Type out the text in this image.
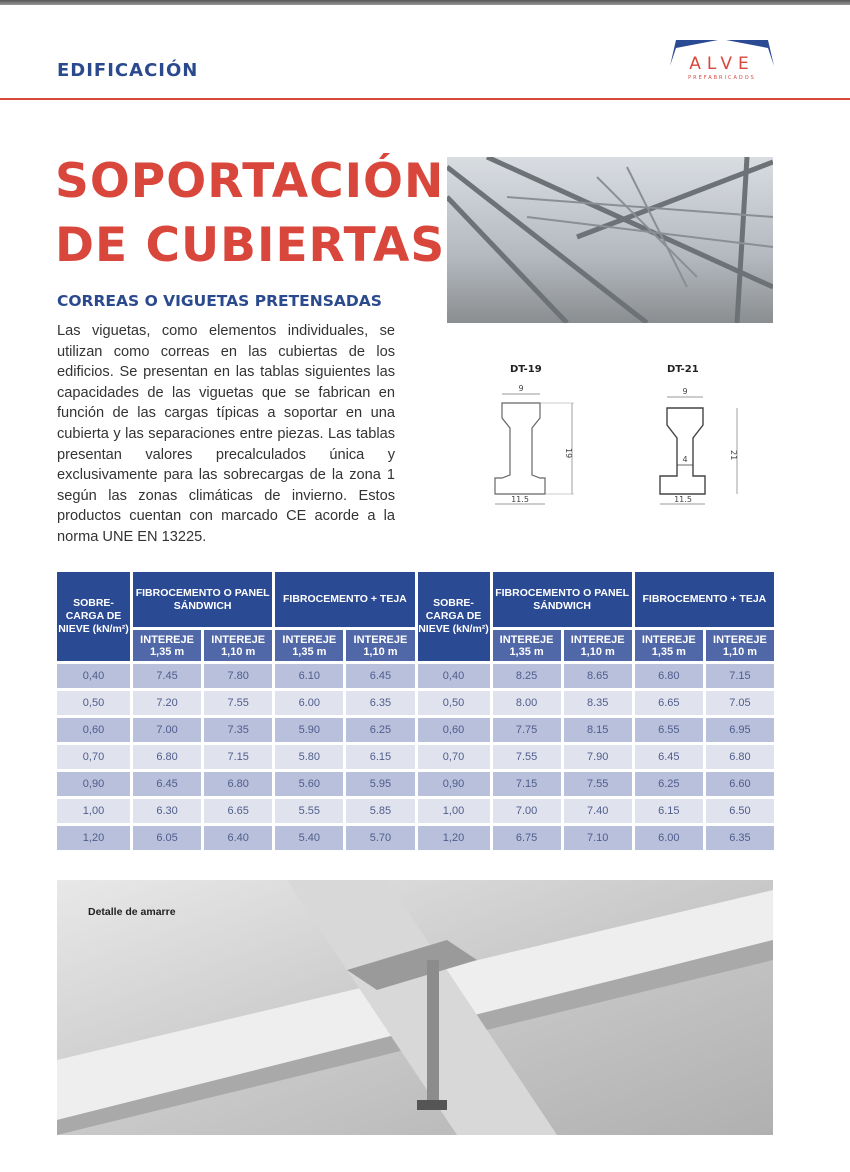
EDIFICACIÓN	ALVE
PREFABRICADOS
SOPORTACIÓN
DE CUBIERTAS
CORREAS O VIGUETAS PRETENSADAS
Las viguetas, como elementos individuales, se utilizan como correas en las cubiertas de los edificios. Se presentan en las tablas siguientes las capacidades de las viguetas que se fabrican en función de las cargas típicas a soportar en una cubierta y las separaciones entre piezas. Las tablas presentan valores precalculados única y exclusivamente para las sobrecargas de la zona 1 según las zonas climáticas de invierno. Estos productos cuentan con marcado CE acorde a la norma UNE EN 13225.
DT-19
9
19
11.5
DT-21
4
9
21
11.5
SOBRE-CARGA DE NIEVE (kN/m²)	FIBROCEMENTO O PANEL SÁNDWICH		FIBROCEMENTO + TEJA		SOBRE-CARGA DE NIEVE (kN/m²)	FIBROCEMENTO O PANEL SÁNDWICH		FIBROCEMENTO + TEJA	
	INTEREJE 1,35 m	INTEREJE 1,10 m	INTEREJE 1,35 m	INTEREJE 1,10 m		INTEREJE 1,35 m	INTEREJE 1,10 m	INTEREJE 1,35 m	INTEREJE 1,10 m
0,40	7.45	7.80	6.10	6.45	0,40	8.25	8.65	6.80	7.15
0,50	7.20	7.55	6.00	6.35	0,50	8.00	8.35	6.65	7.05
0,60	7.00	7.35	5.90	6.25	0,60	7.75	8.15	6.55	6.95
0,70	6.80	7.15	5.80	6.15	0,70	7.55	7.90	6.45	6.80
0,90	6.45	6.80	5.60	5.95	0,90	7.15	7.55	6.25	6.60
1,00	6.30	6.65	5.55	5.85	1,00	7.00	7.40	6.15	6.50
1,20	6.05	6.40	5.40	5.70	1,20	6.75	7.10	6.00	6.35
Detalle de amarre
